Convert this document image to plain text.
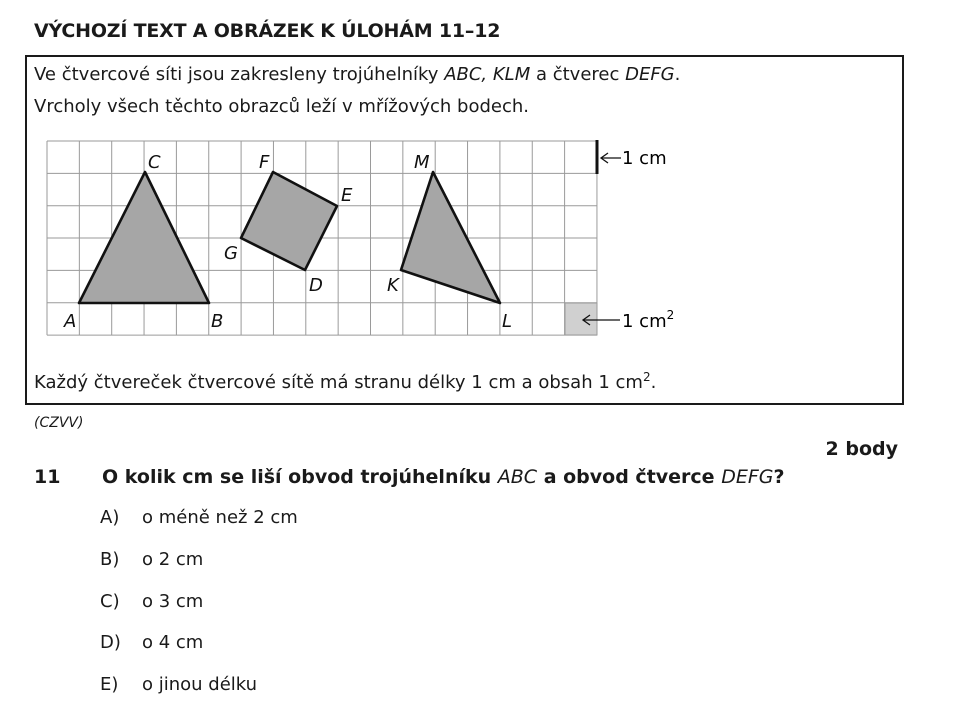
VÝCHOZÍ TEXT A OBRÁZEK K ÚLOHÁM 11–12
Ve čtvercové síti jsou zakresleny trojúhelníky ABC, KLM a čtverec DEFG.
Vrcholy všech těchto obrazců leží v mřížových bodech.
1 cm
1 $cm^2$
A	B
C
D
E
F
G
K
L
M
Každý čtvereček čtvercové sítě má stranu délky 1 cm a obsah 1 $cm^2$.
(CZVV)
2 body
11 O kolik cm se liší obvod trojúhelníku ABC a obvod čtverce DEFG?
A) o méně než 2 cm
B) o 2 cm
C) o 3 cm
D) o 4 cm
E) o jinou délku
